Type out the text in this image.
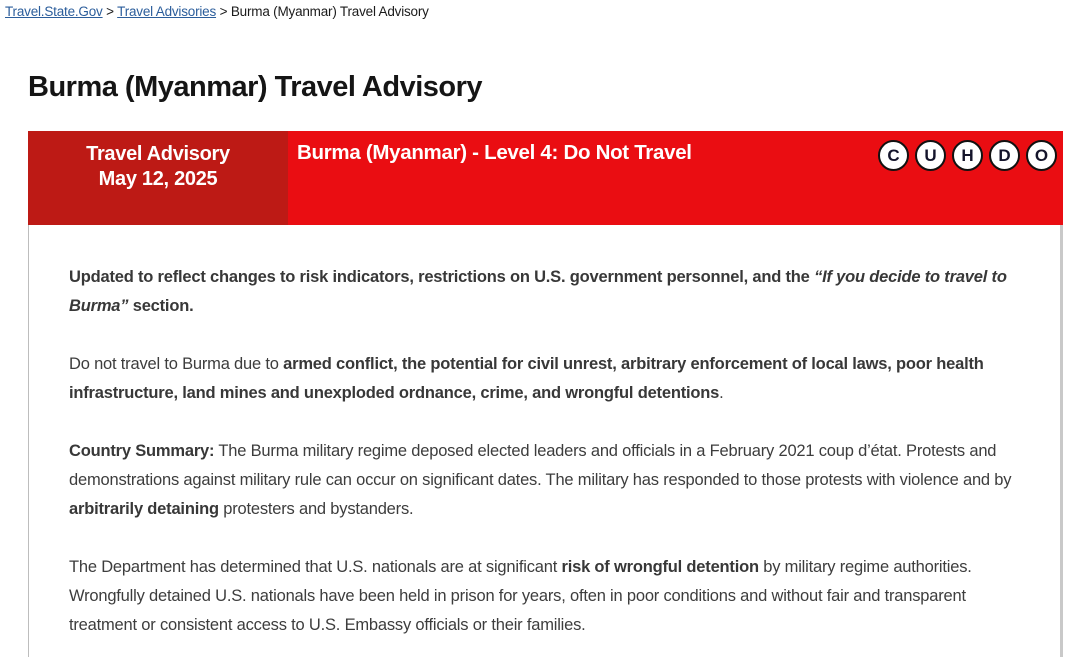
Travel.State.Gov > Travel Advisories > Burma (Myanmar) Travel Advisory
Burma (Myanmar) Travel Advisory
Travel Advisory
May 12, 2025
Burma (Myanmar) - Level 4: Do Not Travel	C	U	H	D	O

Updated to reflect changes to risk indicators, restrictions on U.S. government personnel, and the “If you decide to travel to Burma” section.

Do not travel to Burma due to armed conflict, the potential for civil unrest, arbitrary enforcement of local laws, poor health infrastructure, land mines and unexploded ordnance, crime, and wrongful detentions.

Country Summary: The Burma military regime deposed elected leaders and officials in a February 2021 coup d’état. Protests and demonstrations against military rule can occur on significant dates. The military has responded to those protests with violence and by arbitrarily detaining protesters and bystanders.

The Department has determined that U.S. nationals are at significant risk of wrongful detention by military regime authorities. Wrongfully detained U.S. nationals have been held in prison for years, often in poor conditions and without fair and transparent treatment or consistent access to U.S. Embassy officials or their families.
